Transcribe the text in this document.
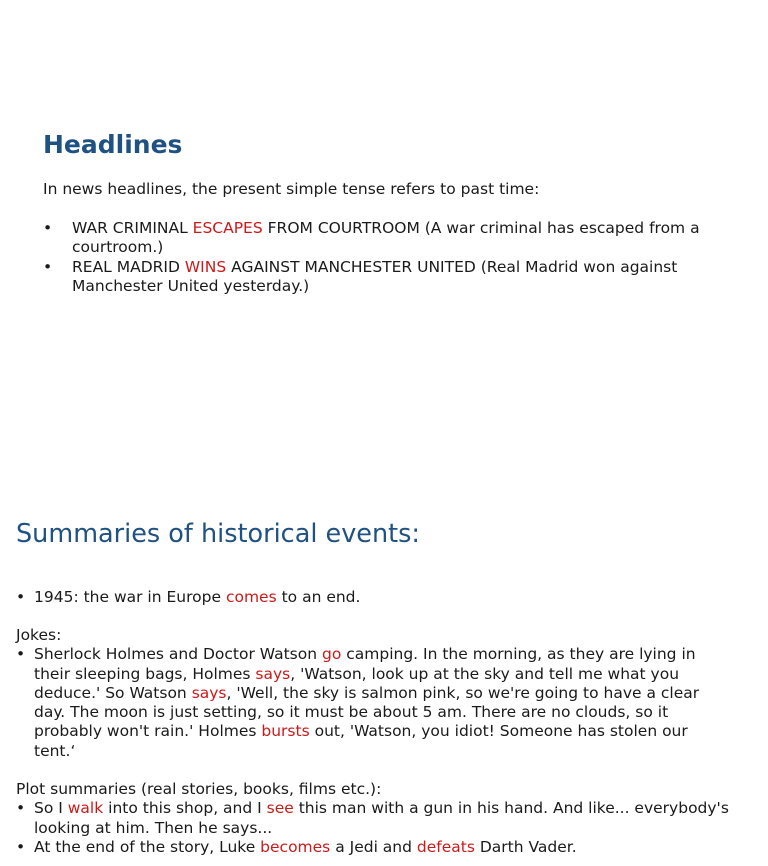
Headlines

In news headlines, the present simple tense refers to past time:

• WAR CRIMINAL ESCAPES FROM COURTROOM (A war criminal has escaped from a courtroom.)
• REAL MADRID WINS AGAINST MANCHESTER UNITED (Real Madrid won against Manchester United yesterday.)
Summaries of historical events:
• 1945: the war in Europe comes to an end.

Jokes:

• Sherlock Holmes and Doctor Watson go camping. In the morning, as they are lying in their sleeping bags, Holmes says, 'Watson, look up at the sky and tell me what you deduce.' So Watson says, 'Well, the sky is salmon pink, so we're going to have a clear day. The moon is just setting, so it must be about 5 am. There are no clouds, so it probably won't rain.' Holmes bursts out, 'Watson, you idiot! Someone has stolen our tent.‘

Plot summaries (real stories, books, films etc.):

• So I walk into this shop, and I see this man with a gun in his hand. And like... everybody's looking at him. Then he says...
• At the end of the story, Luke becomes a Jedi and defeats Darth Vader.
